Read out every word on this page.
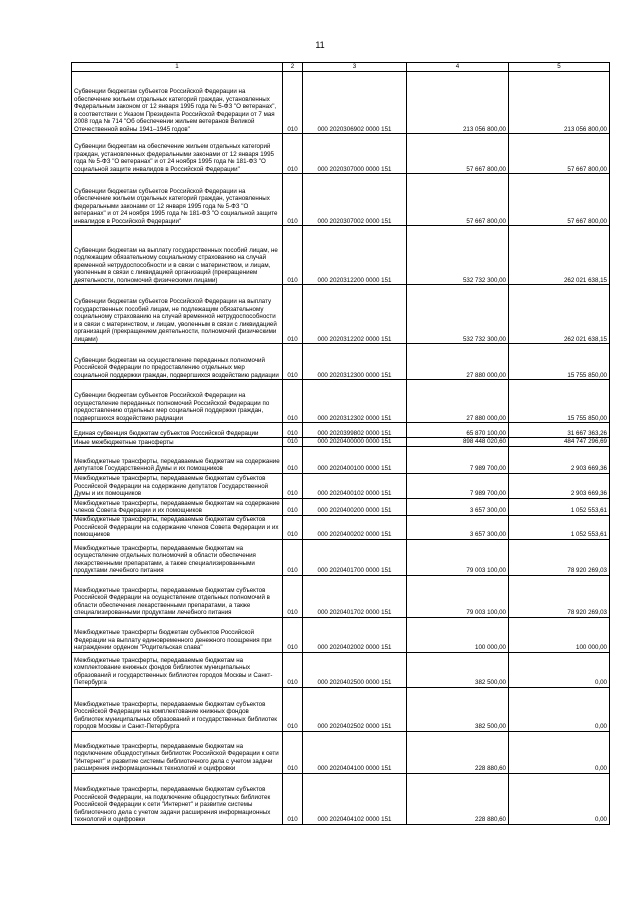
11
1	2	3	4	5

Субвенции бюджетам субъектов Российской Федерации на обеспечение жильем отдельных категорий граждан, установленных Федеральным законом от 12 января 1995 года № 5-ФЗ "О ветеранах", в соответствии с Указом Президента Российской Федерации от 7 мая 2008 года № 714 "Об обеспечении жильем ветеранов Великой Отечественной войны 1941–1945 годов"	010	000 2020306902 0000 151	213 056 800,00	213 056 800,00

Субвенции бюджетам на обеспечение жильем отдельных категорий граждан, установленных федеральными законами от 12 января 1995 года № 5-ФЗ "О ветеранах" и от 24 ноября 1995 года № 181-ФЗ "О социальной защите инвалидов в Российской Федерации"	010	000 2020307000 0000 151	57 667 800,00	57 667 800,00

Субвенции бюджетам субъектов Российской Федерации на обеспечение жильем отдельных категорий граждан, установленных федеральными законами от 12 января 1995 года № 5-ФЗ "О ветеранах" и от 24 ноября 1995 года № 181-ФЗ "О социальной защите инвалидов в Российской Федерации"	010	000 2020307002 0000 151	57 667 800,00	57 667 800,00

Субвенции бюджетам на выплату государственных пособий лицам, не подлежащим обязательному социальному страхованию на случай временной нетрудоспособности и в связи с материнством, и лицам, уволенным в связи с ликвидацией организаций (прекращением деятельности, полномочий физическими лицами)	010	000 2020312200 0000 151	532 732 300,00	262 021 638,15

Субвенции бюджетам субъектов Российской Федерации на выплату государственных пособий лицам, не подлежащим обязательному социальному страхованию на случай временной нетрудоспособности и в связи с материнством, и лицам, уволенным в связи с ликвидацией организаций (прекращением деятельности, полномочий физическими лицами)	010	000 2020312202 0000 151	532 732 300,00	262 021 638,15

Субвенции бюджетам на осуществление переданных полномочий Российской Федерации по предоставлению отдельных мер социальной поддержки граждан, подвергшихся воздействию радиации	010	000 2020312300 0000 151	27 880 000,00	15 755 850,00

Субвенции бюджетам субъектов Российской Федерации на осуществление переданных полномочий Российской Федерации по предоставлению отдельных мер социальной поддержки граждан, подвергшихся воздействию радиации	010	000 2020312302 0000 151	27 880 000,00	15 755 850,00

Единая субвенция бюджетам субъектов Российской Федерации	010	000 2020399802 0000 151	65 870 100,00	31 667 363,26

Иные межбюджетные трансферты	010	000 2020400000 0000 151	898 448 020,60	484 747 296,69

Межбюджетные трансферты, передаваемые бюджетам на содержание депутатов Государственной Думы и их помощников	010	000 2020400100 0000 151	7 989 700,00	2 903 669,36

Межбюджетные трансферты, передаваемые бюджетам субъектов Российской Федерации на содержание депутатов Государственной Думы и их помощников	010	000 2020400102 0000 151	7 989 700,00	2 903 669,36

Межбюджетные трансферты, передаваемые бюджетам на содержание членов Совета Федерации и их помощников	010	000 2020400200 0000 151	3 657 300,00	1 052 553,61

Межбюджетные трансферты, передаваемые бюджетам субъектов Российской Федерации на содержание членов Совета Федерации и их помощников	010	000 2020400202 0000 151	3 657 300,00	1 052 553,61

Межбюджетные трансферты, передаваемые бюджетам на осуществление отдельных полномочий в области обеспечения лекарственными препаратами, а также специализированными продуктами лечебного питания	010	000 2020401700 0000 151	79 003 100,00	78 920 269,03

Межбюджетные трансферты, передаваемые бюджетам субъектов Российской Федерации на осуществление отдельных полномочий в области обеспечения лекарственными препаратами, а также специализированными продуктами лечебного питания	010	000 2020401702 0000 151	79 003 100,00	78 920 269,03

Межбюджетные трансферты бюджетам субъектов Российской Федерации на выплату единовременного денежного поощрения при награждении орденом "Родительская слава"	010	000 2020402002 0000 151	100 000,00	100 000,00

Межбюджетные трансферты, передаваемые бюджетам на комплектование книжных фондов библиотек муниципальных образований и государственных библиотек городов Москвы и Санкт-Петербурга	010	000 2020402500 0000 151	382 500,00	0,00

Межбюджетные трансферты, передаваемые бюджетам субъектов Российской Федерации на комплектование книжных фондов библиотек муниципальных образований и государственных библиотек городов Москвы и Санкт-Петербурга	010	000 2020402502 0000 151	382 500,00	0,00

Межбюджетные трансферты, передаваемые бюджетам на подключение общедоступных библиотек Российской Федерации к сети "Интернет" и развитие системы библиотечного дела с учетом задачи расширения информационных технологий и оцифровки	010	000 2020404100 0000 151	228 880,60	0,00

Межбюджетные трансферты, передаваемые бюджетам субъектов Российской Федерации, на подключение общедоступных библиотек Российской Федерации к сети "Интернет" и развитие системы библиотечного дела с учетом задачи расширения информационных технологий и оцифровки	010	000 2020404102 0000 151	228 880,60	0,00
